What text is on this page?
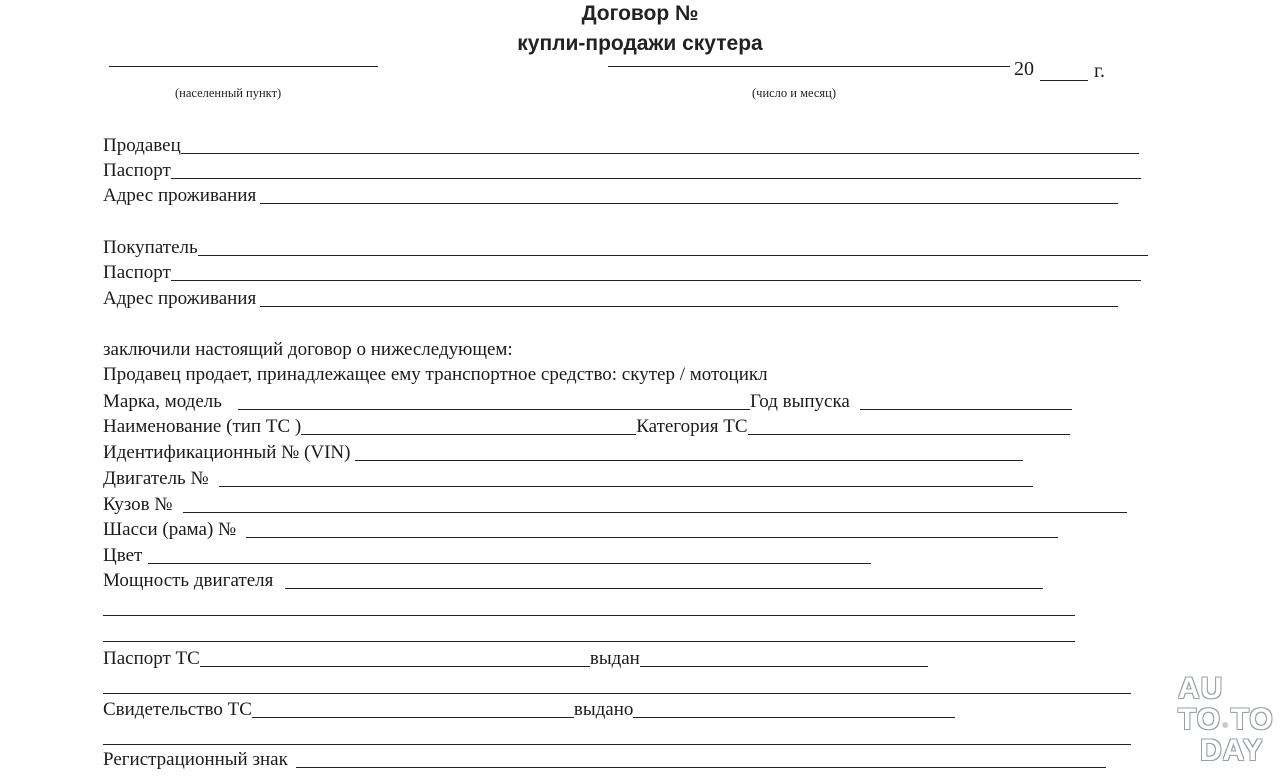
Договор №
купли-продажи скутера
(населенный пункт)
20	г.
(число и месяц)
Продавец
Паспорт
Адрес проживания
Покупатель
Паспорт
Адрес проживания
заключили настоящий договор о нижеследующем:
Продавец продает, принадлежащее ему транспортное средство: скутер / мотоцикл
Марка, модель	Год выпуска
Наименование (тип ТС )	Категория ТС
Идентификационный № (VIN)
Двигатель №
Кузов №
Шасси (рама) №
Цвет
Мощность двигателя
Паспорт ТС	выдан
Свидетельство ТС	выдано
Регистрационный знак
AU
TO●TO
DAY
